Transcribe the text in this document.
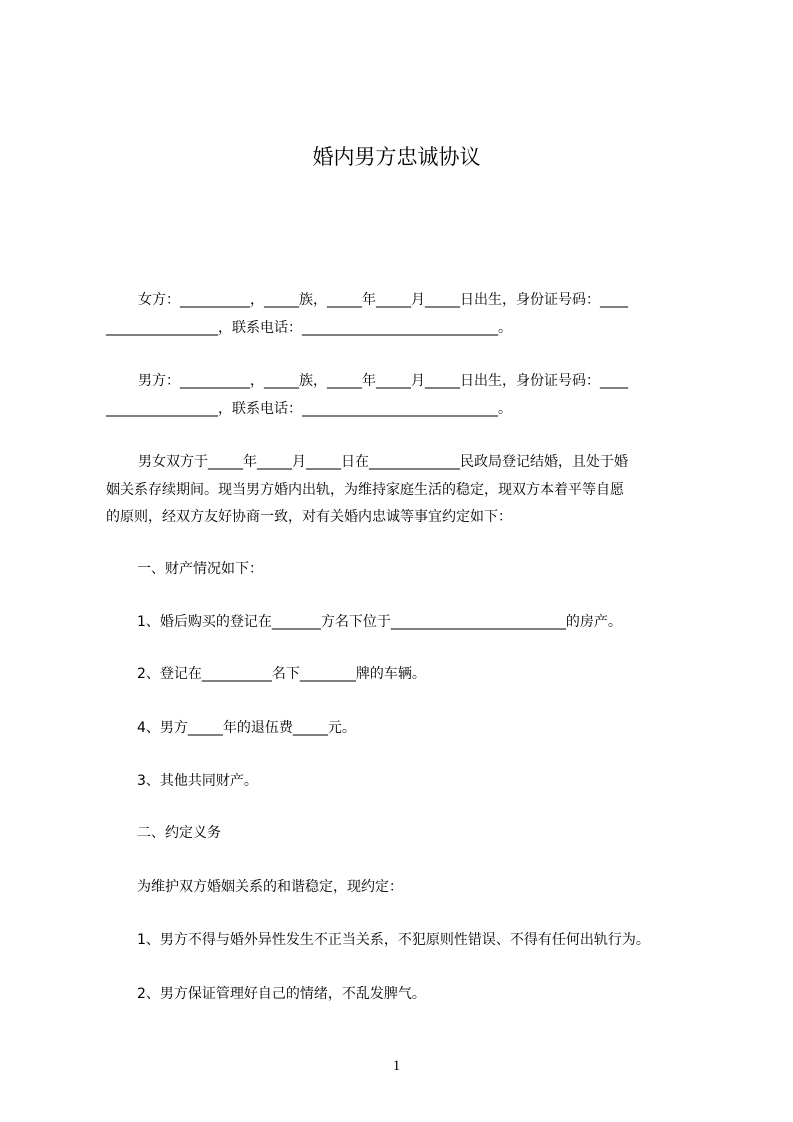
婚内男方忠诚协议
女方：__________，_____族，_____年_____月_____日出生，身份证号码：____
________________，联系电话：____________________________。
男方：__________，_____族，_____年_____月_____日出生，身份证号码：____
________________，联系电话：____________________________。
男女双方于_____年_____月_____日在_____________民政局登记结婚，且处于婚
姻关系存续期间。现当男方婚内出轨，为维持家庭生活的稳定，现双方本着平等自愿
的原则，经双方友好协商一致，对有关婚内忠诚等事宜约定如下：
一、财产情况如下：
1、婚后购买的登记在_______方名下位于_________________________的房产。
2、登记在__________名下________牌的车辆。
4、男方_____年的退伍费_____元。
3、其他共同财产。
二、约定义务
为维护双方婚姻关系的和谐稳定，现约定：
1、男方不得与婚外异性发生不正当关系，不犯原则性错误、不得有任何出轨行为。
2、男方保证管理好自己的情绪，不乱发脾气。
1
